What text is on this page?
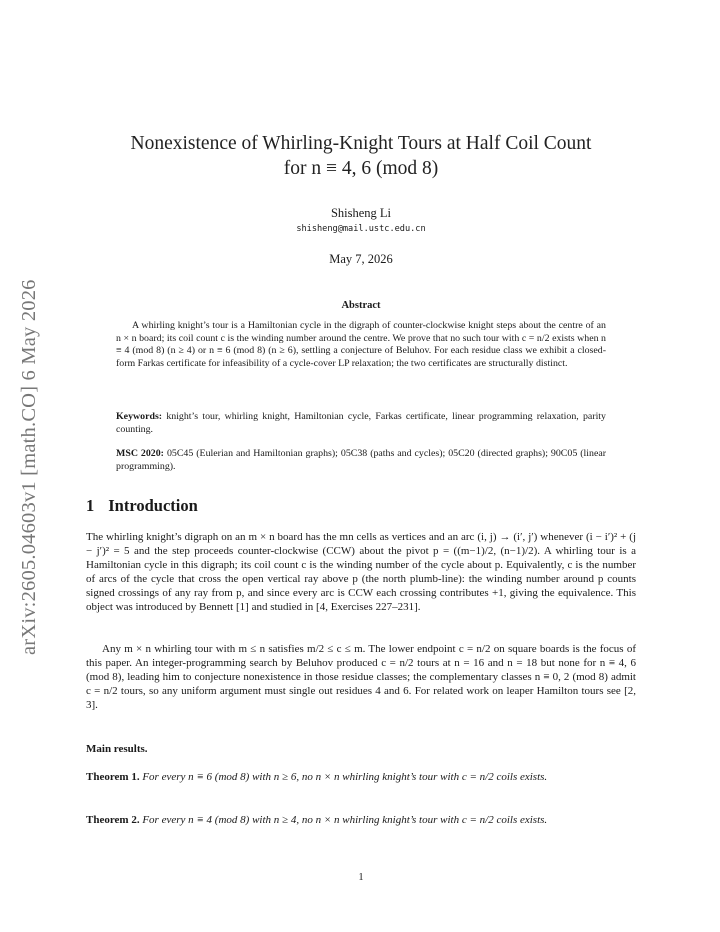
arXiv:2605.04603v1 [math.CO] 6 May 2026
Nonexistence of Whirling-Knight Tours at Half Coil Count
for n ≡ 4, 6 (mod 8)
Shisheng Li
shisheng@mail.ustc.edu.cn
May 7, 2026
Abstract

A whirling knight’s tour is a Hamiltonian cycle in the digraph of counter-clockwise knight steps about the centre of an n × n board; its coil count c is the winding number around the centre. We prove that no such tour with c = n/2 exists when n ≡ 4 (mod 8) (n ≥ 4) or n ≡ 6 (mod 8) (n ≥ 6), settling a conjecture of Beluhov. For each residue class we exhibit a closed-form Farkas certificate for infeasibility of a cycle-cover LP relaxation; the two certificates are structurally distinct.

Keywords: knight’s tour, whirling knight, Hamiltonian cycle, Farkas certificate, linear programming relaxation, parity counting.
MSC 2020: 05C45 (Eulerian and Hamiltonian graphs); 05C38 (paths and cycles); 05C20 (directed graphs); 90C05 (linear programming).
1 Introduction

The whirling knight’s digraph on an m × n board has the mn cells as vertices and an arc (i, j) → (i′, j′) whenever (i − i′)² + (j − j′)² = 5 and the step proceeds counter-clockwise (CCW) about the pivot p = ((m−1)/2, (n−1)/2). A whirling tour is a Hamiltonian cycle in this digraph; its coil count c is the winding number of the cycle about p. Equivalently, c is the number of arcs of the cycle that cross the open vertical ray above p (the north plumb-line): the winding number around p counts signed crossings of any ray from p, and since every arc is CCW each crossing contributes +1, giving the equivalence. This object was introduced by Bennett [1] and studied in [4, Exercises 227–231].

Any m × n whirling tour with m ≤ n satisfies m/2 ≤ c ≤ m. The lower endpoint c = n/2 on square boards is the focus of this paper. An integer-programming search by Beluhov produced c = n/2 tours at n = 16 and n = 18 but none for n ≡ 4, 6 (mod 8), leading him to conjecture nonexistence in those residue classes; the complementary classes n ≡ 0, 2 (mod 8) admit c = n/2 tours, so any uniform argument must single out residues 4 and 6. For related work on leaper Hamilton tours see [2, 3].

Main results.
Theorem 1. For every n ≡ 6 (mod 8) with n ≥ 6, no n × n whirling knight’s tour with c = n/2 coils exists.
Theorem 2. For every n ≡ 4 (mod 8) with n ≥ 4, no n × n whirling knight’s tour with c = n/2 coils exists.
1
